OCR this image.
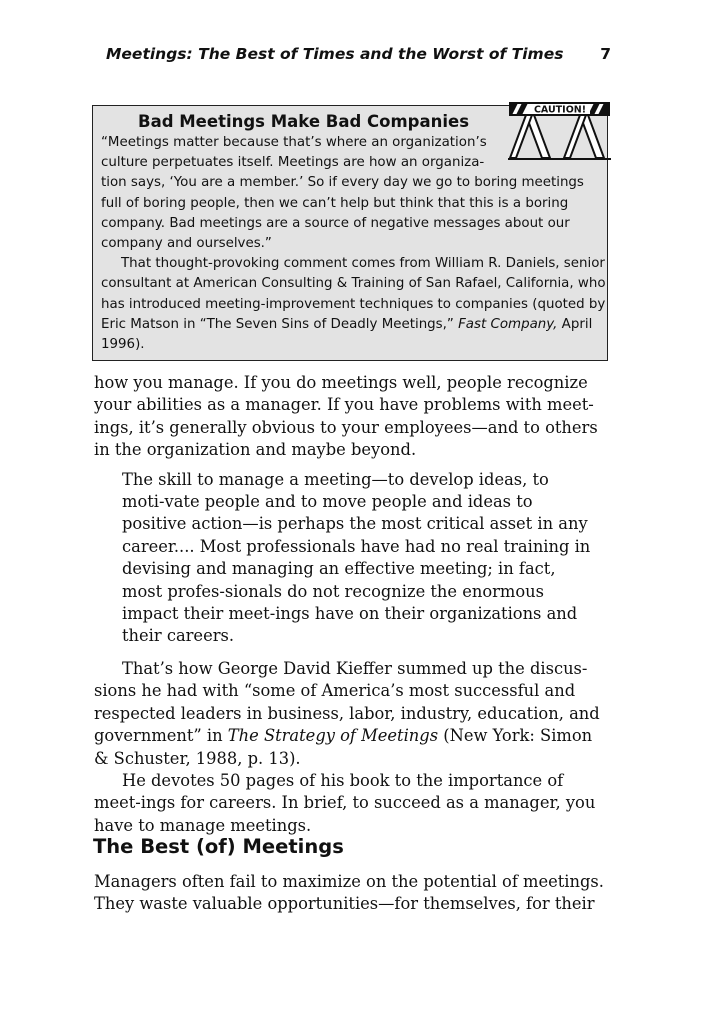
Meetings: The Best of Times and the Worst of Times 7
Bad Meetings Make Bad Companies

“Meetings matter because that’s where an organization’s
culture perpetuates itself. Meetings are how an organiza-
tion says, ‘You are a member.’ So if every day we go to boring meetings full of boring people, then we can’t help but think that this is a boring company. Bad meetings are a source of negative messages about our company and ourselves.”

That thought-provoking comment comes from William R. Daniels, senior consultant at American Consulting & Training of San Rafael, California, who has introduced meeting-improvement techniques to companies (quoted by Eric Matson in “The Seven Sins of Deadly Meetings,” Fast Company, April 1996).

CAUTION!

how you manage. If you do meetings well, people recognize your abilities as a manager. If you have problems with meet-ings, it’s generally obvious to your employees—and to others in the organization and maybe beyond.

The skill to manage a meeting—to develop ideas, to moti-vate people and to move people and ideas to positive action—is perhaps the most critical asset in any career.... Most professionals have had no real training in devising and managing an effective meeting; in fact, most profes-sionals do not recognize the enormous impact their meet-ings have on their organizations and their careers.

That’s how George David Kieffer summed up the discus-sions he had with “some of America’s most successful and respected leaders in business, labor, industry, education, and government” in The Strategy of Meetings (New York: Simon & Schuster, 1988, p. 13).

He devotes 50 pages of his book to the importance of meet-ings for careers. In brief, to succeed as a manager, you have to manage meetings.

The Best (of) Meetings

Managers often fail to maximize on the potential of meetings. They waste valuable opportunities—for themselves, for their
